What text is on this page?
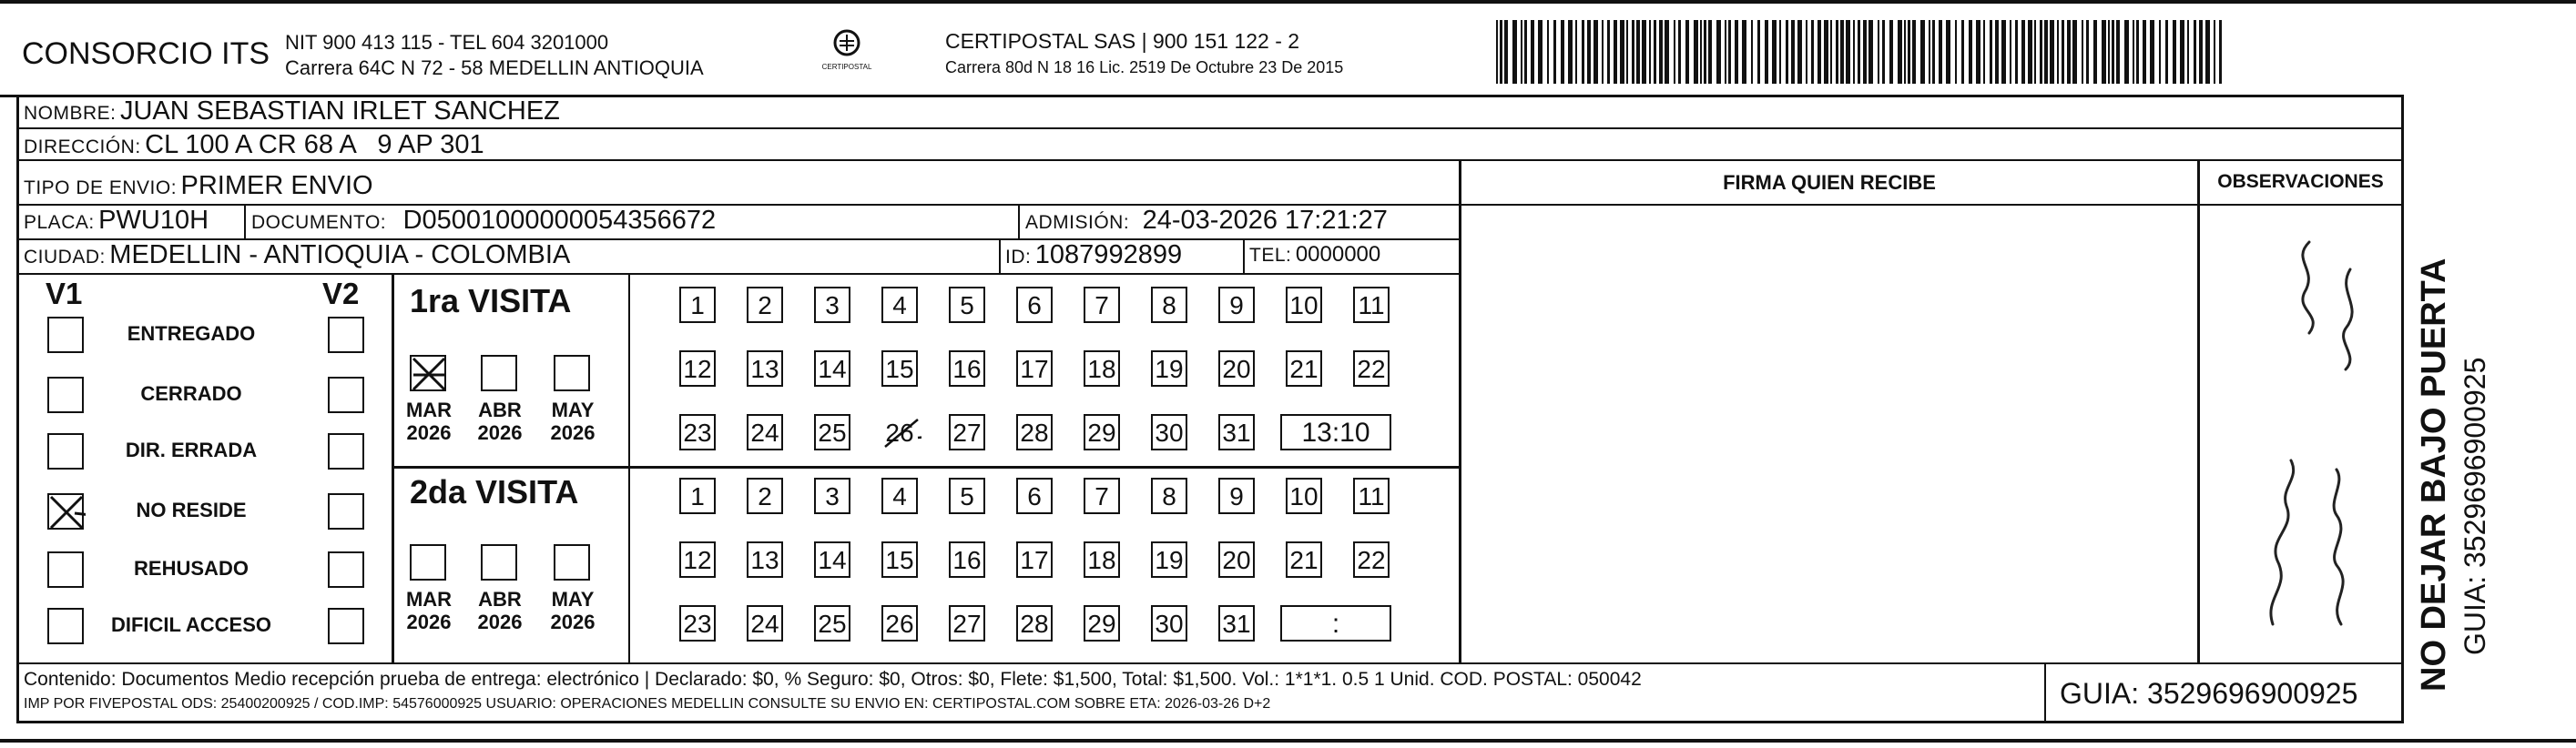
CONSORCIO ITS NIT 900 413 115 - TEL 604 3201000
Carrera 64C N 72 - 58 MEDELLIN ANTIOQUIA	CERTIPOSTAL
CERTIPOSTAL SAS | 900 151 122 - 2
Carrera 80d N 18 16 Lic. 2519 De Octubre 23 De 2015
NOMBRE: JUAN SEBASTIAN IRLET SANCHEZ
DIRECCIÓN: CL 100 A CR 68 A   9 AP 301
TIPO DE ENVIO: PRIMER ENVIO
PLACA: PWU10H DOCUMENTO: D05001000000054356672	ADMISIÓN: 24-03-2026 17:21:27
CIUDAD: MEDELLIN - ANTIOQUIA - COLOMBIA	ID: 1087992899	TEL: 0000000
FIRMA QUIEN RECIBE	OBSERVACIONES
V1	V2
ENTREGADO
CERRADO
DIR. ERRADA
NO RESIDE
REHUSADO
DIFICIL ACCESO
1ra VISITA
2da VISITA
MAR
2026
ABR
2026
MAY
2026
MAR
2026
ABR
2026
MAY
2026
1	2	3	4	5	6	7	8	9	10 11
12 13 14 15 16 17 18 19 20 21 22
23 24 25 26 27 28 29 30 31	13:10
1	2	3	4	5	6	7	8	9	10 11
12 13 14 15 16 17 18 19 20 21 22
23 24 25 26 27 28 29 30 31	:
Contenido: Documentos Medio recepción prueba de entrega: electrónico | Declarado: $0, % Seguro: $0, Otros: $0, Flete: $1,500, Total: $1,500. Vol.: 1*1*1. 0.5 1 Unid. COD. POSTAL: 050042
IMP POR FIVEPOSTAL ODS: 25400200925 / COD.IMP: 54576000925 USUARIO: OPERACIONES MEDELLIN CONSULTE SU ENVIO EN: CERTIPOSTAL.COM SOBRE ETA: 2026-03-26 D+2	GUIA: 3529696900925
NO DEJAR BAJO PUERTA GUIA: 3529696900925
